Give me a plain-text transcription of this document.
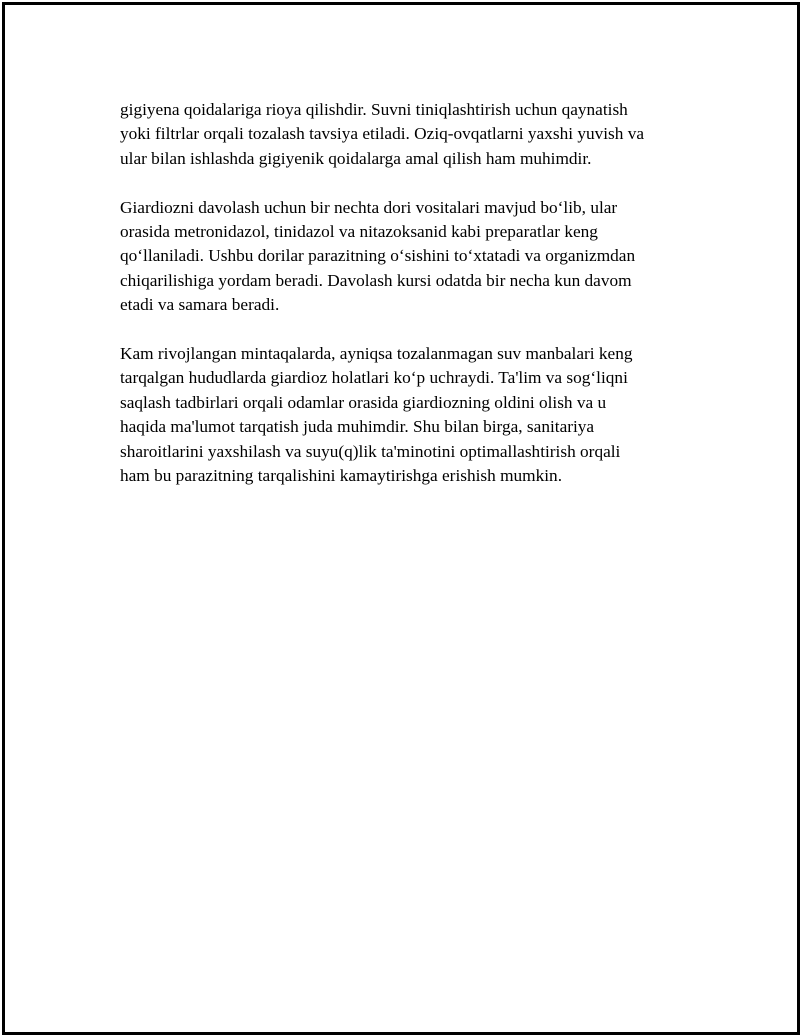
gigiyena qoidalariga rioya qilishdir. Suvni tiniqlashtirish uchun qaynatish
yoki filtrlar orqali tozalash tavsiya etiladi. Oziq-ovqatlarni yaxshi yuvish va
ular bilan ishlashda gigiyenik qoidalarga amal qilish ham muhimdir.
Giardiozni davolash uchun bir nechta dori vositalari mavjud bo‘lib, ular
orasida metronidazol, tinidazol va nitazoksanid kabi preparatlar keng
qo‘llaniladi. Ushbu dorilar parazitning o‘sishini to‘xtatadi va organizmdan
chiqarilishiga yordam beradi. Davolash kursi odatda bir necha kun davom
etadi va samara beradi.
Kam rivojlangan mintaqalarda, ayniqsa tozalanmagan suv manbalari keng
tarqalgan hududlarda giardioz holatlari ko‘p uchraydi. Ta'lim va sog‘liqni
saqlash tadbirlari orqali odamlar orasida giardiozning oldini olish va u
haqida ma'lumot tarqatish juda muhimdir. Shu bilan birga, sanitariya
sharoitlarini yaxshilash va suyu(q)lik ta'minotini optimallashtirish orqali
ham bu parazitning tarqalishini kamaytirishga erishish mumkin.
